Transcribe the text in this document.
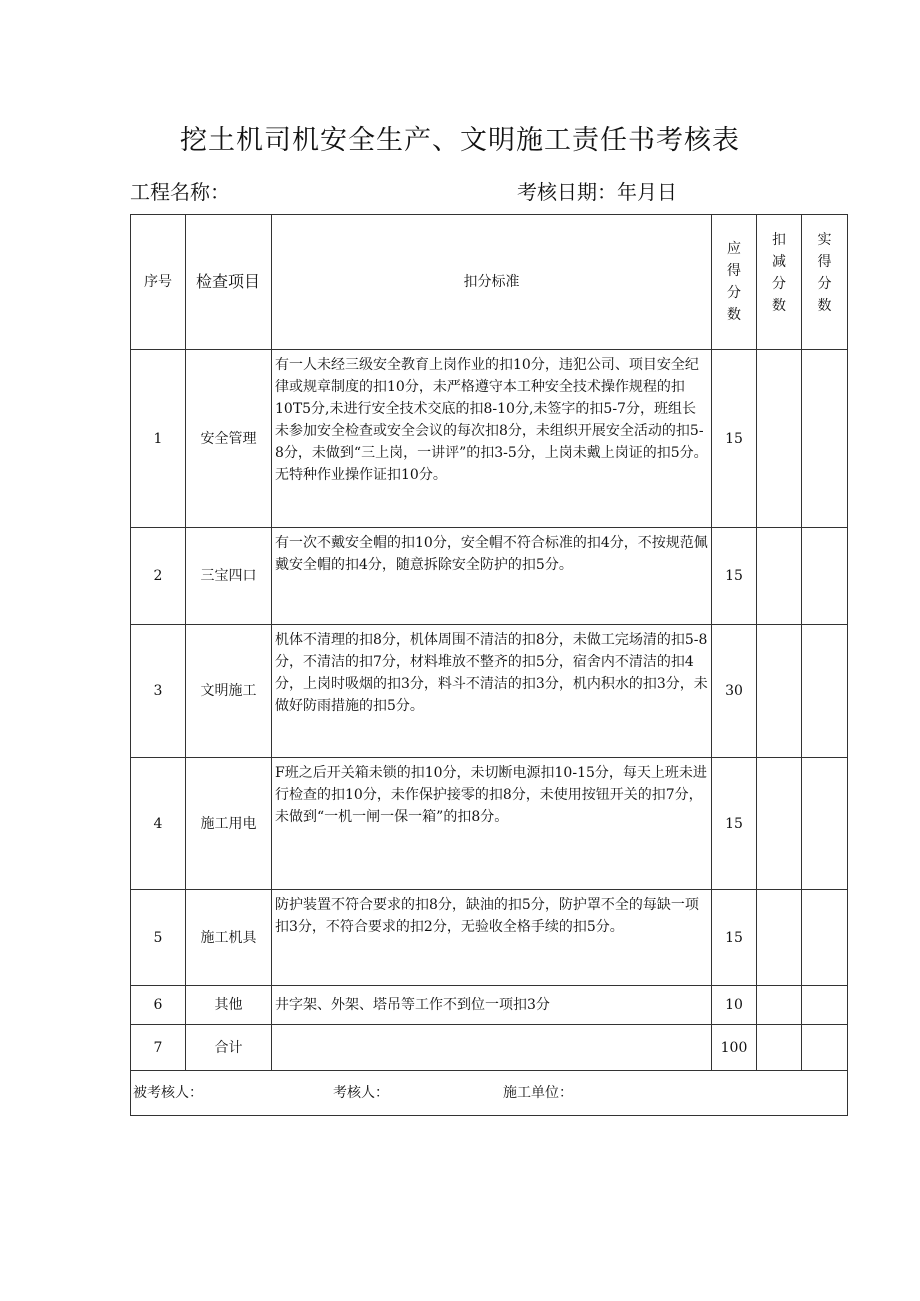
挖土机司机安全生产、文明施工责任书考核表
工程名称：	考核日期：年月日
序号	检查项目	扣分标准	应得分数	扣减分数	实得分数

1	安全管理	有一人未经三级安全教育上岗作业的扣10分，违犯公司、项目安全纪律或规章制度的扣10分，未严格遵守本工种安全技术操作规程的扣10T5分,未进行安全技术交底的扣8-10分,未签字的扣5-7分，班组长未参加安全检查或安全会议的每次扣8分，未组织开展安全活动的扣5-8分，未做到“三上岗，一讲评”的扣3-5分，上岗未戴上岗证的扣5分。无特种作业操作证扣10分。	15		
2	三宝四口	有一次不戴安全帽的扣10分，安全帽不符合标准的扣4分，不按规范佩戴安全帽的扣4分，随意拆除安全防护的扣5分。	15		
3	文明施工	机体不清理的扣8分，机体周围不清洁的扣8分，未做工完场清的扣5-8分，不清洁的扣7分，材料堆放不整齐的扣5分，宿舍内不清洁的扣4分，上岗时吸烟的扣3分，料斗不清洁的扣3分，机内积水的扣3分，未做好防雨措施的扣5分。	30		
4	施工用电	F班之后开关箱未锁的扣10分，未切断电源扣10-15分，每天上班未进行检查的扣10分，未作保护接零的扣8分，未使用按钮开关的扣7分，未做到“一机一闸一保一箱”的扣8分。	15		
5	施工机具	防护装置不符合要求的扣8分，缺油的扣5分，防护罩不全的每缺一项扣3分，不符合要求的扣2分，无验收全格手续的扣5分。	15		
6	其他	井字架、外架、塔吊等工作不到位一项扣3分	10		
7	合计		100		
被考核人： 考核人： 施工单位：					
